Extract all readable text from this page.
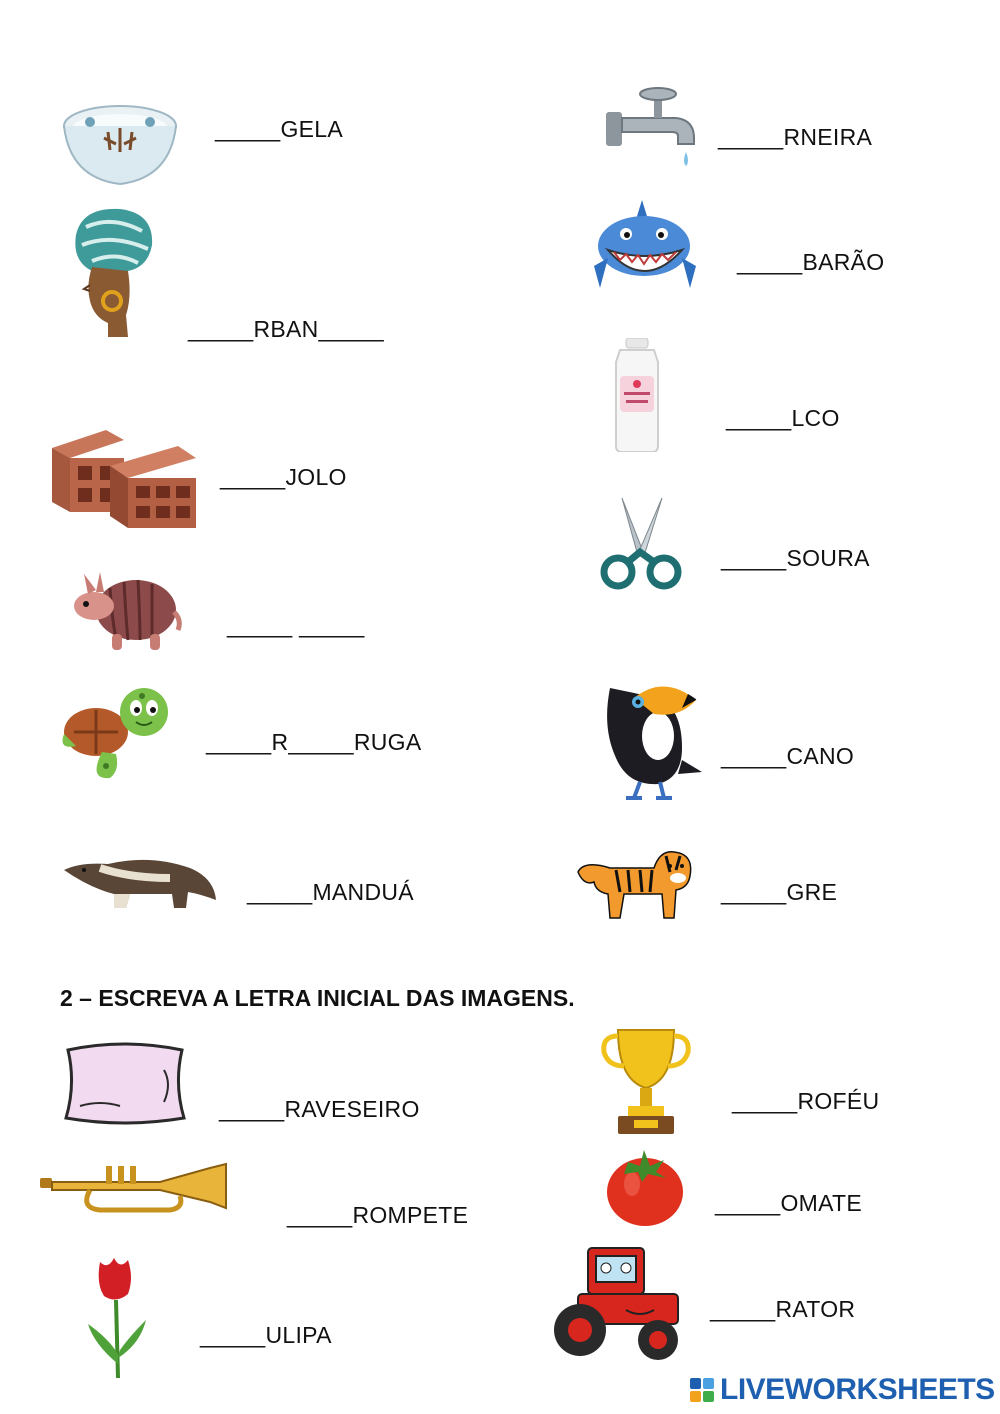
_____GELA
_____RBAN_____
_____JOLO
_____ _____
_____R_____RUGA
_____MANDUÁ
_____RNEIRA
_____BARÃO
_____LCO
_____SOURA
_____CANO
_____GRE
2 – ESCREVA A LETRA INICIAL DAS IMAGENS.
_____RAVESEIRO
_____ROMPETE
_____ULIPA
_____ROFÉU
_____OMATE
_____RATOR
LIVEWORKSHEETS
